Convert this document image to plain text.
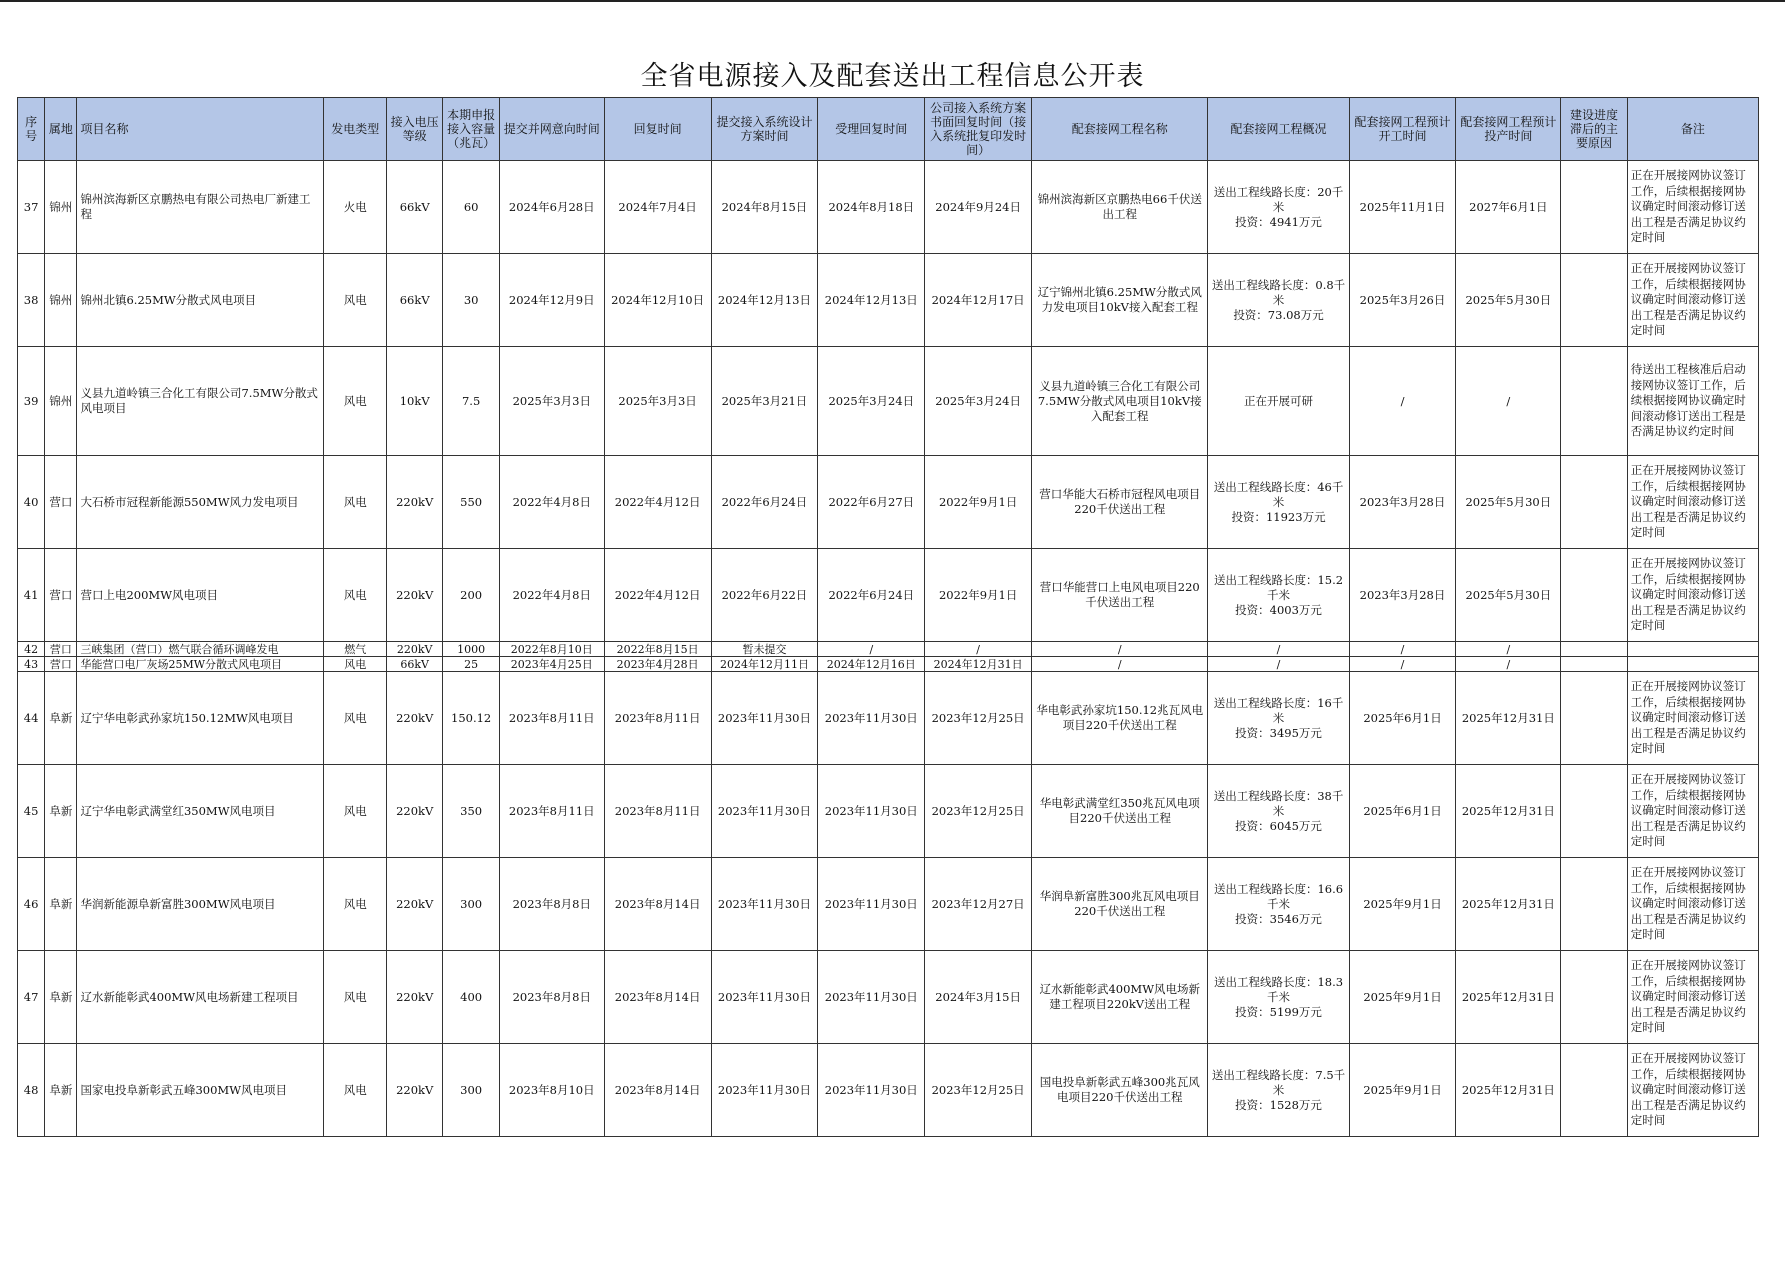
全省电源接入及配套送出工程信息公开表
序号	属地	项目名称	发电类型	接入电压等级	本期申报接入容量（兆瓦）	提交并网意向时间	回复时间	提交接入系统设计方案时间	受理回复时间	公司接入系统方案书面回复时间（接入系统批复印发时间）	配套接网工程名称	配套接网工程概况	配套接网工程预计开工时间	配套接网工程预计投产时间	建设进度滞后的主要原因	备注
37	锦州	锦州滨海新区京鹏热电有限公司热电厂新建工程	火电	66kV	60	2024年6月28日	2024年7月4日	2024年8月15日	2024年8月18日	2024年9月24日	锦州滨海新区京鹏热电66千伏送出工程	送出工程线路长度：20千米
投资：4941万元	2025年11月1日	2027年6月1日		正在开展接网协议签订工作，后续根据接网协议确定时间滚动修订送出工程是否满足协议约定时间
38	锦州	锦州北镇6.25MW分散式风电项目	风电	66kV	30	2024年12月9日	2024年12月10日	2024年12月13日	2024年12月13日	2024年12月17日	辽宁锦州北镇6.25MW分散式风力发电项目10kV接入配套工程	送出工程线路长度：0.8千米
投资：73.08万元	2025年3月26日	2025年5月30日		正在开展接网协议签订工作，后续根据接网协议确定时间滚动修订送出工程是否满足协议约定时间
39	锦州	义县九道岭镇三合化工有限公司7.5MW分散式风电项目	风电	10kV	7.5	2025年3月3日	2025年3月3日	2025年3月21日	2025年3月24日	2025年3月24日	义县九道岭镇三合化工有限公司7.5MW分散式风电项目10kV接入配套工程	正在开展可研	/	/		待送出工程核准后启动接网协议签订工作，后续根据接网协议确定时间滚动修订送出工程是否满足协议约定时间
40	营口	大石桥市冠程新能源550MW风力发电项目	风电	220kV	550	2022年4月8日	2022年4月12日	2022年6月24日	2022年6月27日	2022年9月1日	营口华能大石桥市冠程风电项目220千伏送出工程	送出工程线路长度：46千米
投资：11923万元	2023年3月28日	2025年5月30日		正在开展接网协议签订工作，后续根据接网协议确定时间滚动修订送出工程是否满足协议约定时间
41	营口	营口上电200MW风电项目	风电	220kV	200	2022年4月8日	2022年4月12日	2022年6月22日	2022年6月24日	2022年9月1日	营口华能营口上电风电项目220千伏送出工程	送出工程线路长度：15.2千米
投资：4003万元	2023年3月28日	2025年5月30日		正在开展接网协议签订工作，后续根据接网协议确定时间滚动修订送出工程是否满足协议约定时间
42	营口	三峡集团（营口）燃气联合循环调峰发电	燃气	220kV	1000	2022年8月10日	2022年8月15日	暂未提交	/	/	/	/	/	/		
43	营口	华能营口电厂灰场25MW分散式风电项目	风电	66kV	25	2023年4月25日	2023年4月28日	2024年12月11日	2024年12月16日	2024年12月31日	/	/	/	/		
44	阜新	辽宁华电彰武孙家坑150.12MW风电项目	风电	220kV	150.12	2023年8月11日	2023年8月11日	2023年11月30日	2023年11月30日	2023年12月25日	华电彰武孙家坑150.12兆瓦风电项目220千伏送出工程	送出工程线路长度：16千米
投资：3495万元	2025年6月1日	2025年12月31日		正在开展接网协议签订工作，后续根据接网协议确定时间滚动修订送出工程是否满足协议约定时间
45	阜新	辽宁华电彰武满堂红350MW风电项目	风电	220kV	350	2023年8月11日	2023年8月11日	2023年11月30日	2023年11月30日	2023年12月25日	华电彰武满堂红350兆瓦风电项目220千伏送出工程	送出工程线路长度：38千米
投资：6045万元	2025年6月1日	2025年12月31日		正在开展接网协议签订工作，后续根据接网协议确定时间滚动修订送出工程是否满足协议约定时间
46	阜新	华润新能源阜新富胜300MW风电项目	风电	220kV	300	2023年8月8日	2023年8月14日	2023年11月30日	2023年11月30日	2023年12月27日	华润阜新富胜300兆瓦风电项目220千伏送出工程	送出工程线路长度：16.6千米
投资：3546万元	2025年9月1日	2025年12月31日		正在开展接网协议签订工作，后续根据接网协议确定时间滚动修订送出工程是否满足协议约定时间
47	阜新	辽水新能彰武400MW风电场新建工程项目	风电	220kV	400	2023年8月8日	2023年8月14日	2023年11月30日	2023年11月30日	2024年3月15日	辽水新能彰武400MW风电场新建工程项目220kV送出工程	送出工程线路长度：18.3千米
投资：5199万元	2025年9月1日	2025年12月31日		正在开展接网协议签订工作，后续根据接网协议确定时间滚动修订送出工程是否满足协议约定时间
48	阜新	国家电投阜新彰武五峰300MW风电项目	风电	220kV	300	2023年8月10日	2023年8月14日	2023年11月30日	2023年11月30日	2023年12月25日	国电投阜新彰武五峰300兆瓦风电项目220千伏送出工程	送出工程线路长度：7.5千米
投资：1528万元	2025年9月1日	2025年12月31日		正在开展接网协议签订工作，后续根据接网协议确定时间滚动修订送出工程是否满足协议约定时间
